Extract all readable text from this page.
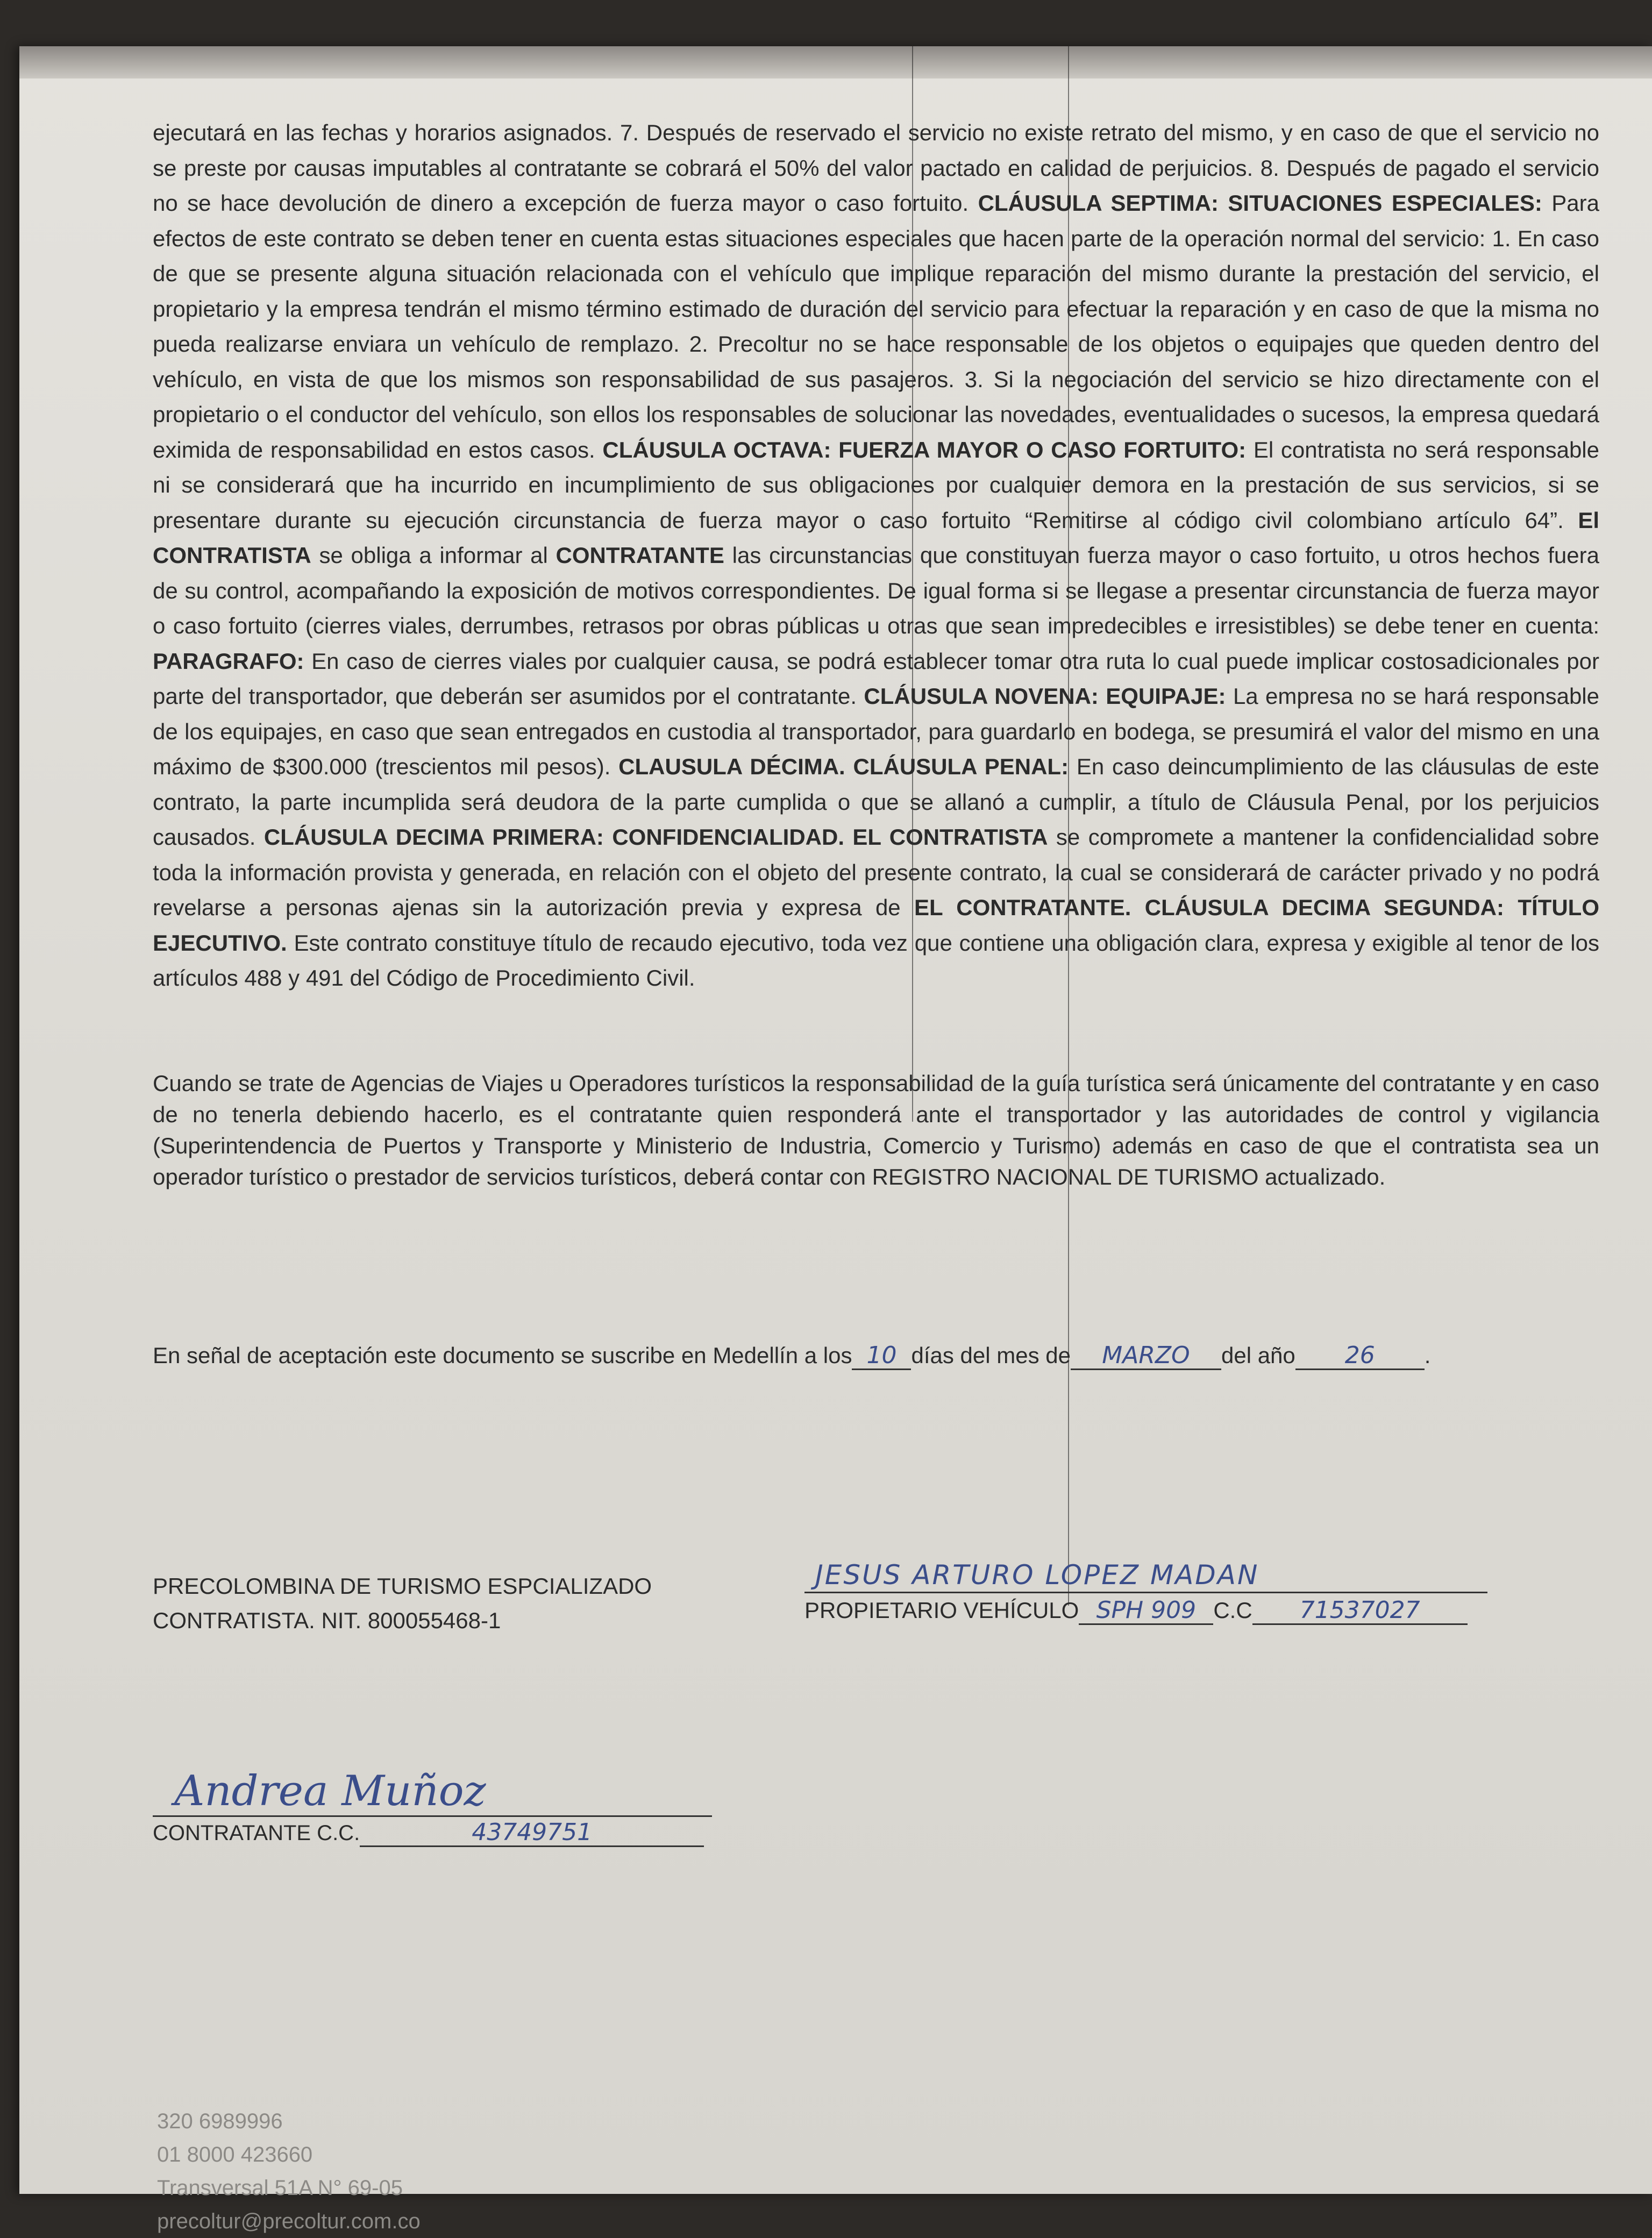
ejecutará en las fechas y horarios asignados. 7. Después de reservado el servicio no existe retrato del mismo, y en caso de que el servicio no se preste por causas imputables al contratante se cobrará el 50% del valor pactado en calidad de perjuicios. 8. Después de pagado el servicio no se hace devolución de dinero a excepción de fuerza mayor o caso fortuito. CLÁUSULA SEPTIMA: SITUACIONES ESPECIALES: Para efectos de este contrato se deben tener en cuenta estas situaciones especiales que hacen parte de la operación normal del servicio: 1. En caso de que se presente alguna situación relacionada con el vehículo que implique reparación del mismo durante la prestación del servicio, el propietario y la empresa tendrán el mismo término estimado de duración del servicio para efectuar la reparación y en caso de que la misma no pueda realizarse enviara un vehículo de remplazo. 2. Precoltur no se hace responsable de los objetos o equipajes que queden dentro del vehículo, en vista de que los mismos son responsabilidad de sus pasajeros. 3. Si la negociación del servicio se hizo directamente con el propietario o el conductor del vehículo, son ellos los responsables de solucionar las novedades, eventualidades o sucesos, la empresa quedará eximida de responsabilidad en estos casos. CLÁUSULA OCTAVA: FUERZA MAYOR O CASO FORTUITO: El contratista no será responsable ni se considerará que ha incurrido en incumplimiento de sus obligaciones por cualquier demora en la prestación de sus servicios, si se presentare durante su ejecución circunstancia de fuerza mayor o caso fortuito “Remitirse al código civil colombiano artículo 64”. El CONTRATISTA se obliga a informar al CONTRATANTE las circunstancias que constituyan fuerza mayor o caso fortuito, u otros hechos fuera de su control, acompañando la exposición de motivos correspondientes. De igual forma si se llegase a presentar circunstancia de fuerza mayor o caso fortuito (cierres viales, derrumbes, retrasos por obras públicas u otras que sean impredecibles e irresistibles) se debe tener en cuenta: PARAGRAFO: En caso de cierres viales por cualquier causa, se podrá establecer tomar otra ruta lo cual puede implicar costosadicionales por parte del transportador, que deberán ser asumidos por el contratante. CLÁUSULA NOVENA: EQUIPAJE: La empresa no se hará responsable de los equipajes, en caso que sean entregados en custodia al transportador, para guardarlo en bodega, se presumirá el valor del mismo en una máximo de $300.000 (trescientos mil pesos). CLAUSULA DÉCIMA. CLÁUSULA PENAL: En caso deincumplimiento de las cláusulas de este contrato, la parte incumplida será deudora de la parte cumplida o que se allanó a cumplir, a título de Cláusula Penal, por los perjuicios causados. CLÁUSULA DECIMA PRIMERA: CONFIDENCIALIDAD. EL CONTRATISTA se compromete a mantener la confidencialidad sobre toda la información provista y generada, en relación con el objeto del presente contrato, la cual se considerará de carácter privado y no podrá revelarse a personas ajenas sin la autorización previa y expresa de EL CONTRATANTE. CLÁUSULA DECIMA SEGUNDA: TÍTULO EJECUTIVO. Este contrato constituye título de recaudo ejecutivo, toda vez que contiene una obligación clara, expresa y exigible al tenor de los artículos 488 y 491 del Código de Procedimiento Civil.
Cuando se trate de Agencias de Viajes u Operadores turísticos la responsabilidad de la guía turística será únicamente del contratante y en caso de no tenerla debiendo hacerlo, es el contratante quien responderá ante el transportador y las autoridades de control y vigilancia (Superintendencia de Puertos y Transporte y Ministerio de Industria, Comercio y Turismo) además en caso de que el contratista sea un operador turístico o prestador de servicios turísticos, deberá contar con REGISTRO NACIONAL DE TURISMO actualizado.
En señal de aceptación este documento se suscribe en Medellín a los 10 días del mes de MARZO del año 26 .
PRECOLOMBINA DE TURISMO ESPCIALIZADO
CONTRATISTA. NIT. 800055468-1
JESUS ARTURO LOPEZ MADAN
PROPIETARIO VEHÍCULO SPH 909 C.C 71537027
Andrea Muñoz
CONTRATANTE C.C.	43749751
320 6989996
01 8000 423660
Transversal 51A N° 69-05
precoltur@precoltur.com.co
